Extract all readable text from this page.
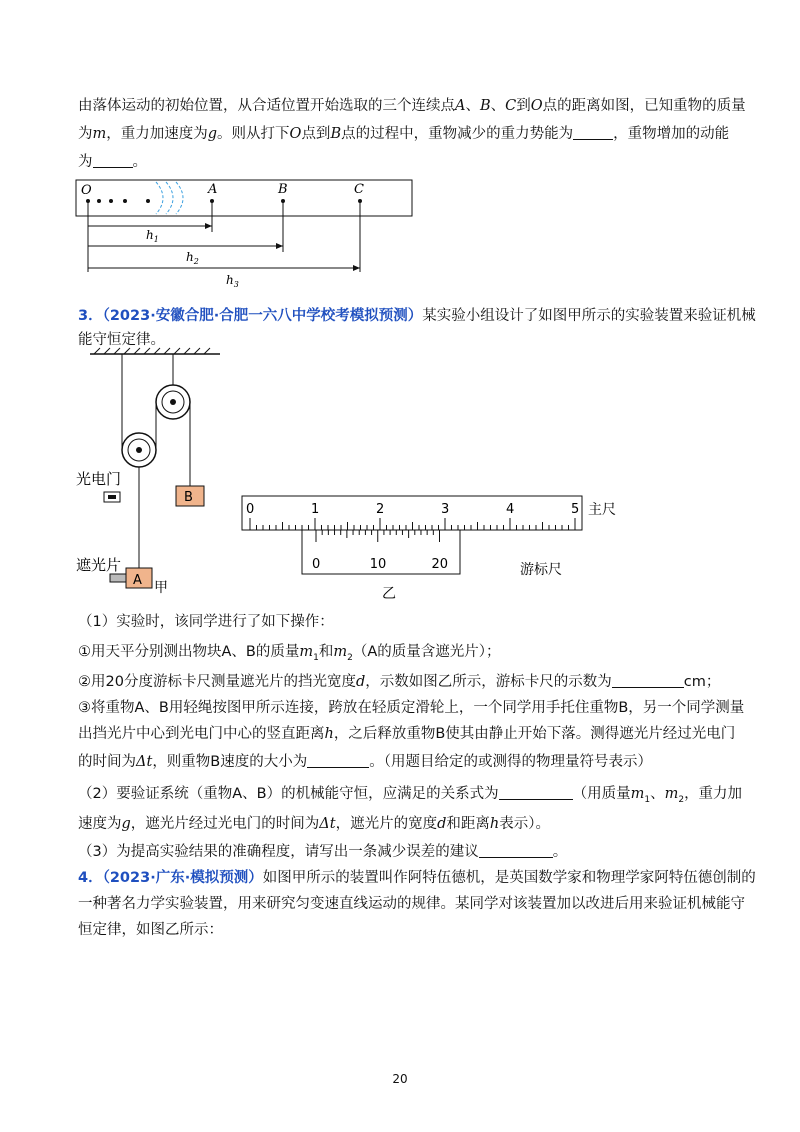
由落体运动的初始位置，从合适位置开始选取的三个连续点A、B、C到O点的距离如图，已知重物的质量
为m，重力加速度为g。则从打下O点到B点的过程中，重物减少的重力势能为	，重物增加的动能
为	。
O	A	B	C
$h_1$
$h_2$
$h_3$
3．（2023·安徽合肥·合肥一六八中学校考模拟预测）某实验小组设计了如图甲所示的实验装置来验证机械
能守恒定律。
B
光电门
遮光片
A 甲
0	1	2	3	4	5 主尺
0	10	20	游标尺
乙
（1）实验时，该同学进行了如下操作：
①用天平分别测出物块A、B的质量$m_1$和$m_2(A$的质量含遮光片）；
②用20分度游标卡尺测量遮光片的挡光宽度d，示数如图乙所示，游标卡尺的示数为	cm；
③将重物A、B用轻绳按图甲所示连接，跨放在轻质定滑轮上，一个同学用手托住重物B，另一个同学测量
出挡光片中心到光电门中心的竖直距离h，之后释放重物B使其由静止开始下落。测得遮光片经过光电门
的时间为Δt，则重物B速度的大小为	。（用题目给定的或测得的物理量符号表示）
（2）要验证系统（重物A、B）的机械能守恒，应满足的关系式为	（用质量$m_1$、$m_2$，重力加
速度为g，遮光片经过光电门的时间为Δt，遮光片的宽度d和距离h表示）。
（3）为提高实验结果的准确程度，请写出一条减少误差的建议	。
4．（2023·广东·模拟预测）如图甲所示的装置叫作阿特伍德机，是英国数学家和物理学家阿特伍德创制的
一种著名力学实验装置，用来研究匀变速直线运动的规律。某同学对该装置加以改进后用来验证机械能守
恒定律，如图乙所示：
20
